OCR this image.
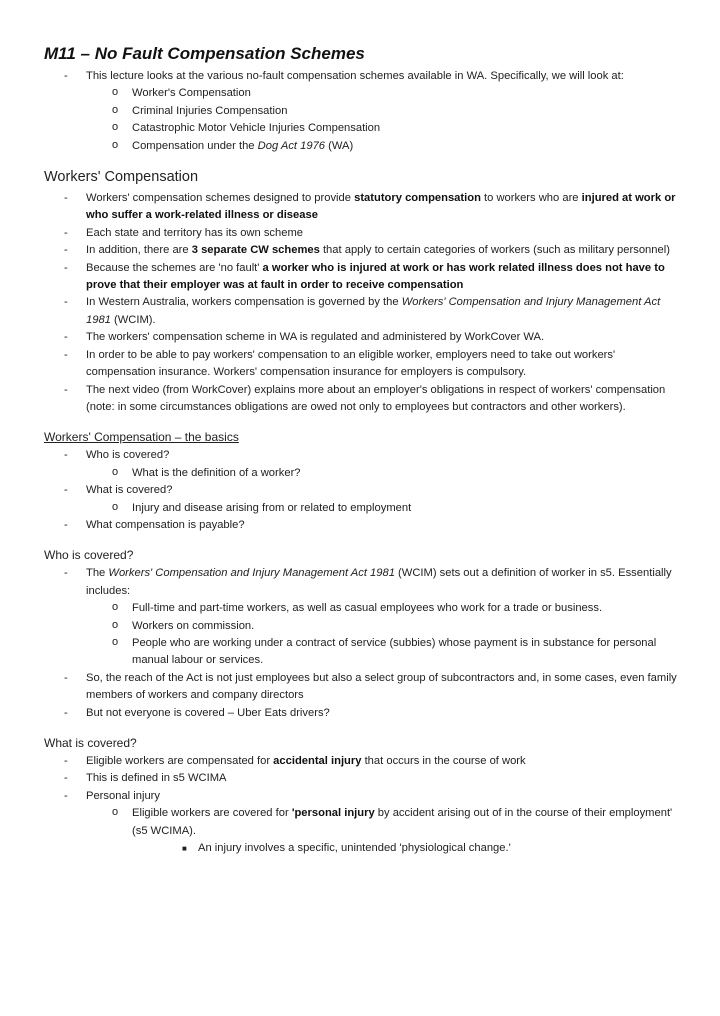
M11 – No Fault Compensation Schemes
- This lecture looks at the various no-fault compensation schemes available in WA. Specifically, we will look at:
o Worker's Compensation
o Criminal Injuries Compensation
o Catastrophic Motor Vehicle Injuries Compensation
o Compensation under the Dog Act 1976 (WA)
Workers' Compensation
- Workers' compensation schemes designed to provide statutory compensation to workers who are injured at work or who suffer a work-related illness or disease
- Each state and territory has its own scheme
- In addition, there are 3 separate CW schemes that apply to certain categories of workers (such as military personnel)
- Because the schemes are 'no fault' a worker who is injured at work or has work related illness does not have to prove that their employer was at fault in order to receive compensation
- In Western Australia, workers compensation is governed by the Workers' Compensation and Injury Management Act 1981 (WCIM).
- The workers' compensation scheme in WA is regulated and administered by WorkCover WA.
- In order to be able to pay workers' compensation to an eligible worker, employers need to take out workers' compensation insurance. Workers' compensation insurance for employers is compulsory.
- The next video (from WorkCover) explains more about an employer's obligations in respect of workers' compensation (note: in some circumstances obligations are owed not only to employees but contractors and other workers).
Workers' Compensation – the basics
- Who is covered?
o What is the definition of a worker?
- What is covered?
o Injury and disease arising from or related to employment
- What compensation is payable?
Who is covered?
- The Workers' Compensation and Injury Management Act 1981 (WCIM) sets out a definition of worker in s5. Essentially includes:
o Full-time and part-time workers, as well as casual employees who work for a trade or business.
o Workers on commission.
o People who are working under a contract of service (subbies) whose payment is in substance for personal manual labour or services.
- So, the reach of the Act is not just employees but also a select group of subcontractors and, in some cases, even family members of workers and company directors
- But not everyone is covered – Uber Eats drivers?
What is covered?
- Eligible workers are compensated for accidental injury that occurs in the course of work
- This is defined in s5 WCIMA
- Personal injury
o Eligible workers are covered for 'personal injury by accident arising out of in the course of their employment' (s5 WCIMA).
■ An injury involves a specific, unintended 'physiological change.'
